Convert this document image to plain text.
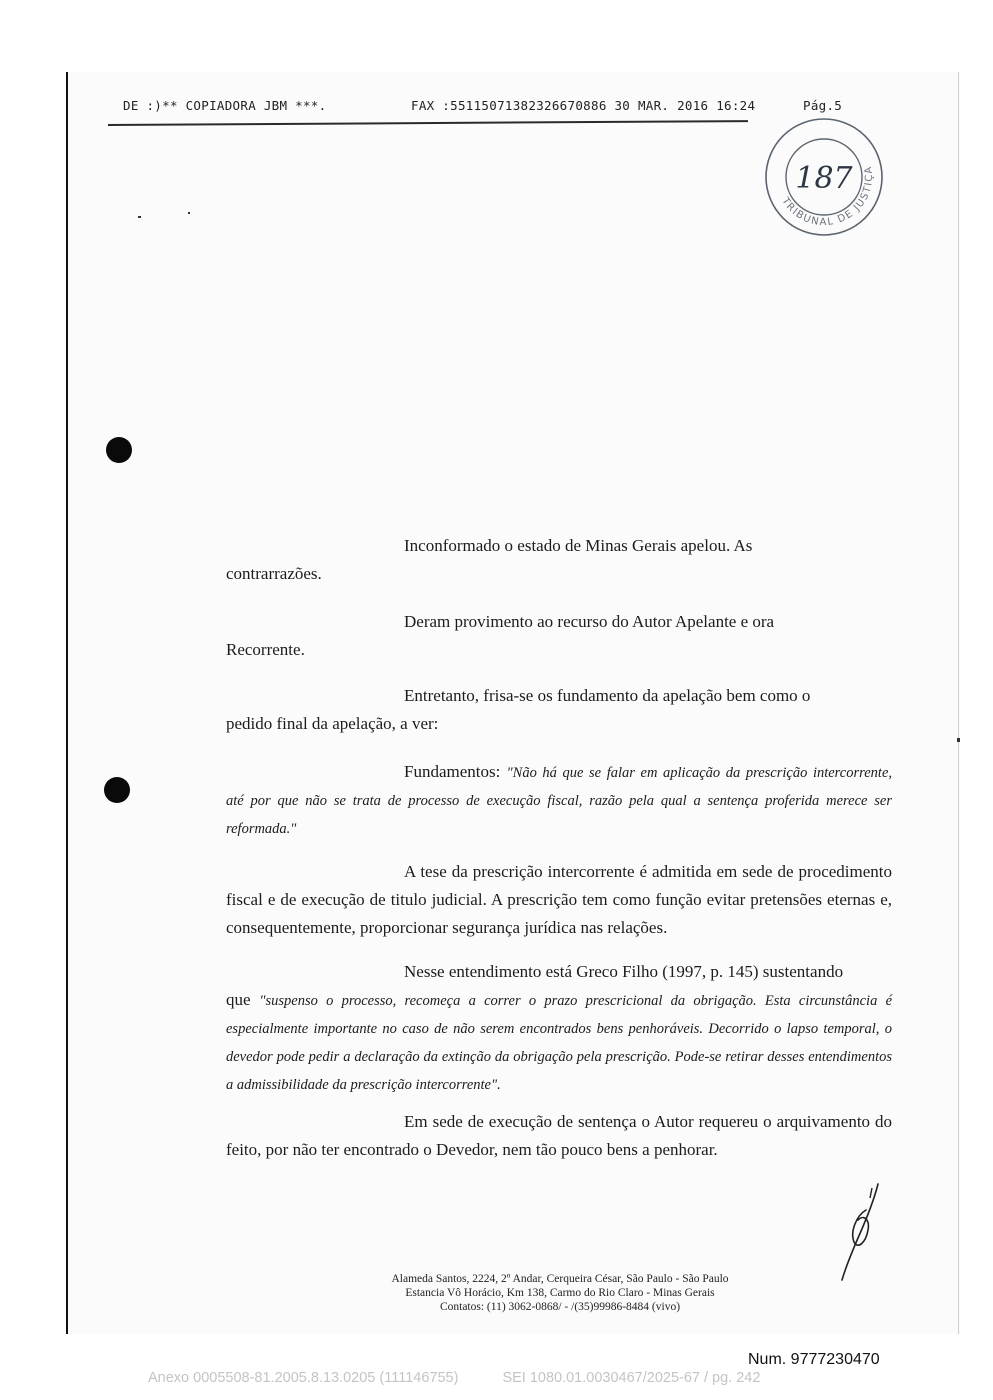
DE :)** COPIADORA JBM ***.	FAX :55115071382326670886 30 MAR. 2016 16:24	Pág.5
TRIBUNAL DE JUSTIÇA
187
Inconformado o estado de Minas Gerais apelou. As
contrarrazões.
Deram provimento ao recurso do Autor Apelante e ora
Recorrente.
Entretanto, frisa-se os fundamento da apelação bem como o
pedido final da apelação, a ver:
Fundamentos: "Não há que se falar em aplicação da prescrição intercorrente, até por que não se trata de processo de execução fiscal, razão pela qual a sentença proferida merece ser reformada."
A tese da prescrição intercorrente é admitida em sede de procedimento fiscal e de execução de titulo judicial. A prescrição tem como função evitar pretensões eternas e, consequentemente, proporcionar segurança jurídica nas relações.
Nesse entendimento está Greco Filho (1997, p. 145) sustentando
que "suspenso o processo, recomeça a correr o prazo prescricional da obrigação. Esta circunstância é especialmente importante no caso de não serem encontrados bens penhoráveis. Decorrido o lapso temporal, o devedor pode pedir a declaração da extinção da obrigação pela prescrição. Pode-se retirar desses entendimentos a admissibilidade da prescrição intercorrente".
Em sede de execução de sentença o Autor requereu o arquivamento do feito, por não ter encontrado o Devedor, nem tão pouco bens a penhorar.
Alameda Santos, 2224, 2º Andar, Cerqueira César, São Paulo - São Paulo
Estancia Vô Horácio, Km 138, Carmo do Rio Claro - Minas Gerais
Contatos: (11) 3062-0868/ - /(35)99986-8484 (vivo)
Num. 9777230470
Anexo 0005508-81.2005.8.13.0205 (111146755)	SEI 1080.01.0030467/2025-67 / pg. 242
